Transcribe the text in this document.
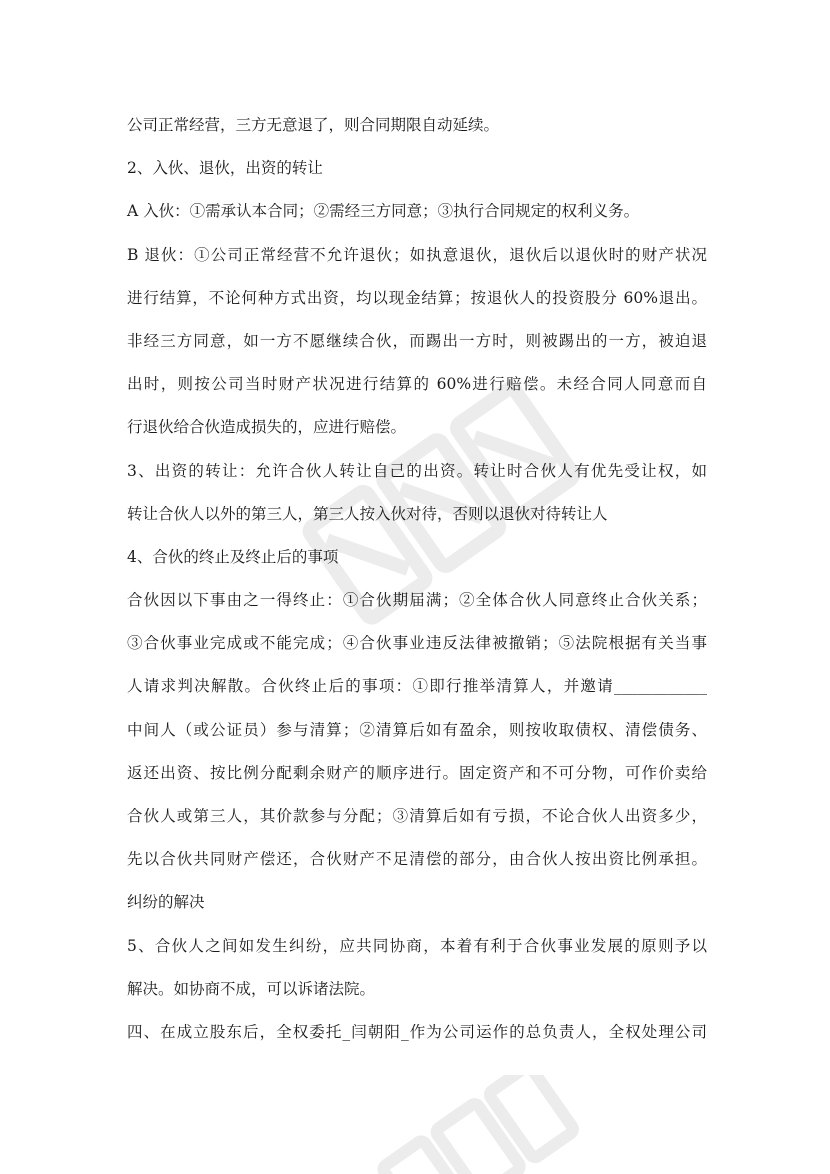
公司正常经营，三方无意退了，则合同期限自动延续。
2、入伙、退伙，出资的转让
A 入伙：①需承认本合同；②需经三方同意；③执行合同规定的权利义务。
B 退伙：①公司正常经营不允许退伙；如执意退伙，退伙后以退伙时的财产状况
进行结算，不论何种方式出资，均以现金结算；按退伙人的投资股分 60%退出。
非经三方同意，如一方不愿继续合伙，而踢出一方时，则被踢出的一方，被迫退
出时，则按公司当时财产状况进行结算的 60%进行赔偿。未经合同人同意而自
行退伙给合伙造成损失的，应进行赔偿。
3、出资的转让：允许合伙人转让自己的出资。转让时合伙人有优先受让权，如
转让合伙人以外的第三人，第三人按入伙对待，否则以退伙对待转让人
4、合伙的终止及终止后的事项
合伙因以下事由之一得终止：①合伙期届满；②全体合伙人同意终止合伙关系；
③合伙事业完成或不能完成；④合伙事业违反法律被撤销；⑤法院根据有关当事
人请求判决解散。合伙终止后的事项：①即行推举清算人，并邀请____________
中间人（或公证员）参与清算；②清算后如有盈余，则按收取债权、清偿债务、
返还出资、按比例分配剩余财产的顺序进行。固定资产和不可分物，可作价卖给
合伙人或第三人，其价款参与分配；③清算后如有亏损，不论合伙人出资多少，
先以合伙共同财产偿还，合伙财产不足清偿的部分，由合伙人按出资比例承担。
纠纷的解决
5、合伙人之间如发生纠纷，应共同协商，本着有利于合伙事业发展的原则予以
解决。如协商不成，可以诉诸法院。
四、在成立股东后，全权委托_闫朝阳_作为公司运作的总负责人，全权处理公司
